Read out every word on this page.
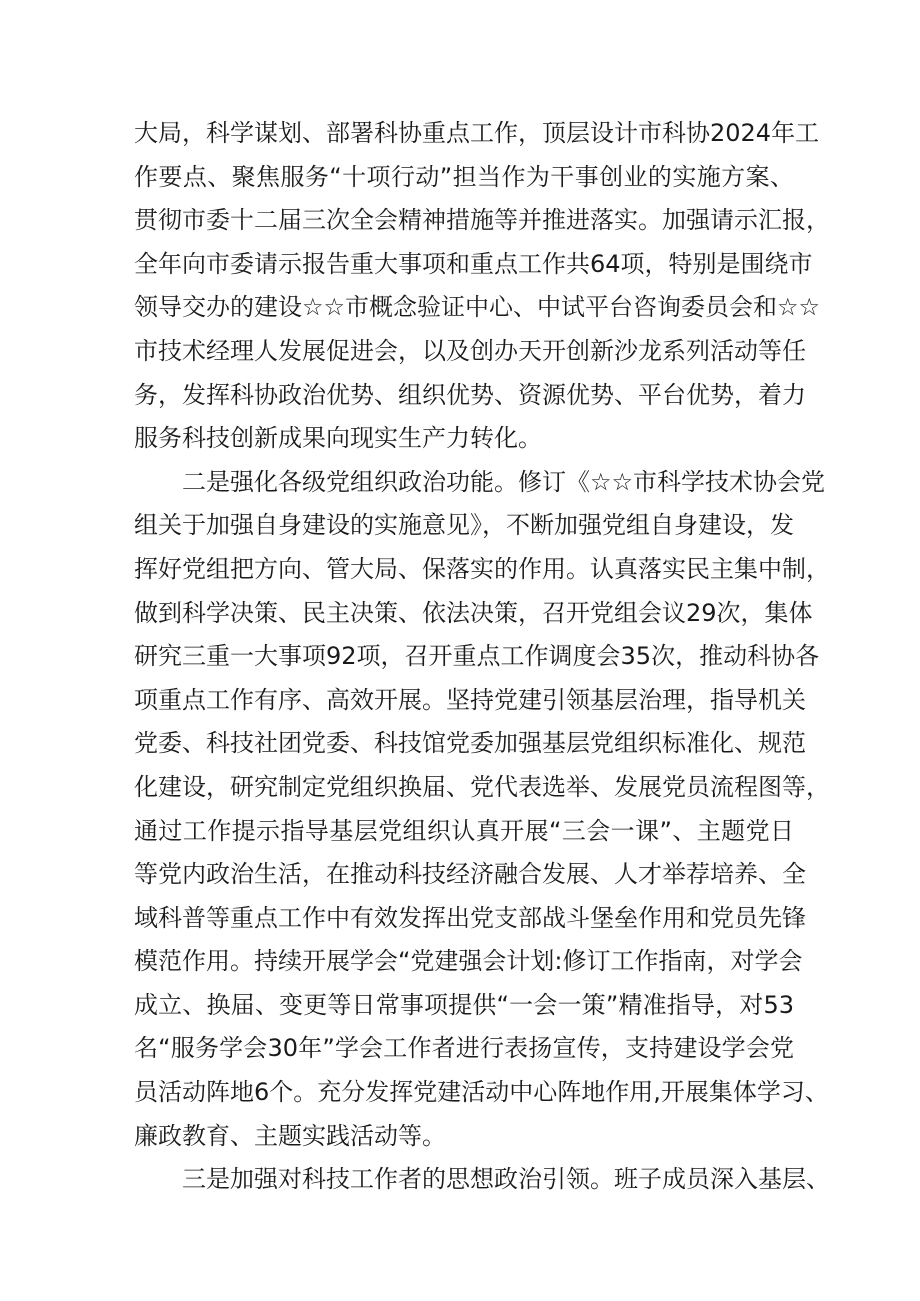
大局，科学谋划、部署科协重点工作，顶层设计市科协2024年工
作要点、聚焦服务“十项行动”担当作为干事创业的实施方案、
贯彻市委十二届三次全会精神措施等并推进落实。加强请示汇报，
全年向市委请示报告重大事项和重点工作共64项，特别是围绕市
领导交办的建设☆☆市概念验证中心、中试平台咨询委员会和☆☆
市技术经理人发展促进会，以及创办天开创新沙龙系列活动等任
务，发挥科协政治优势、组织优势、资源优势、平台优势，着力
服务科技创新成果向现实生产力转化。
二是强化各级党组织政治功能。修订《☆☆市科学技术协会党
组关于加强自身建设的实施意见》，不断加强党组自身建设，发
挥好党组把方向、管大局、保落实的作用。认真落实民主集中制，
做到科学决策、民主决策、依法决策，召开党组会议29次，集体
研究三重一大事项92项，召开重点工作调度会35次，推动科协各
项重点工作有序、高效开展。坚持党建引领基层治理，指导机关
党委、科技社团党委、科技馆党委加强基层党组织标准化、规范
化建设，研究制定党组织换届、党代表选举、发展党员流程图等，
通过工作提示指导基层党组织认真开展“三会一课”、主题党日
等党内政治生活，在推动科技经济融合发展、人才举荐培养、全
域科普等重点工作中有效发挥出党支部战斗堡垒作用和党员先锋
模范作用。持续开展学会“党建强会计划:修订工作指南，对学会
成立、换届、变更等日常事项提供“一会一策”精准指导，对53
名“服务学会30年”学会工作者进行表扬宣传，支持建设学会党
员活动阵地6个。充分发挥党建活动中心阵地作用,开展集体学习、
廉政教育、主题实践活动等。
三是加强对科技工作者的思想政治引领。班子成员深入基层、
